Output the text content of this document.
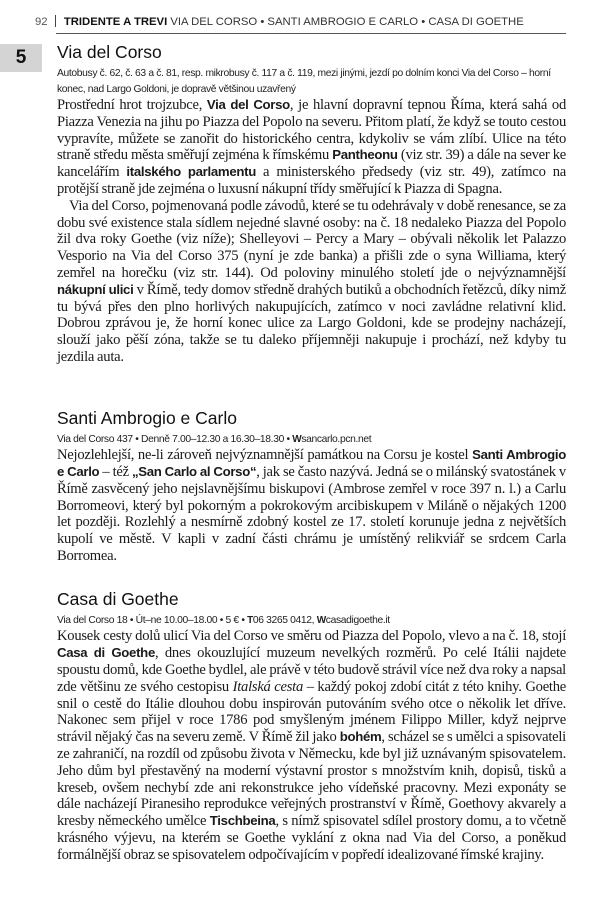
92 TRIDENTE A TREVI VIA DEL CORSO • SANTI AMBROGIO E CARLO • CASA DI GOETHE
5	Via del Corso
Autobusy č. 62, č. 63 a č. 81, resp. mikrobusy č. 117 a č. 119, mezi jinými, jezdí po dolním konci Via del Corso – horní konec, nad Largo Goldoni, je dopravě většinou uzavřený

Prostřední hrot trojzubce, Via del Corso, je hlavní dopravní tepnou Říma, která sahá od Piazza Venezia na jihu po Piazza del Popolo na severu. Přitom platí, že když se touto cestou vypravíte, můžete se zanořit do historického centra, kdykoliv se vám zlíbí. Ulice na této straně středu města směřují zejména k římskému Pantheonu (viz str. 39) a dále na sever ke kancelářím italského parlamentu a ministerského předsedy (viz str. 49), zatímco na protější straně jde zejména o luxusní nákupní třídy směřující k Piazza di Spagna.

Via del Corso, pojmenovaná podle závodů, které se tu odehrávaly v době renesance, se za dobu své existence stala sídlem nejedné slavné osoby: na č. 18 nedaleko Piazza del Popolo žil dva roky Goethe (viz níže); Shelleyovi – Percy a Mary – obývali několik let Palazzo Vesporio na Via del Corso 375 (nyní je zde banka) a přišli zde o syna Williama, který zemřel na horečku (viz str. 144). Od poloviny minulého století jde o nejvýznamnější nákupní ulici v Římě, tedy domov středně drahých butiků a obchodních řetězců, díky nimž tu bývá přes den plno horlivých nakupujících, zatímco v noci zavládne relativní klid. Dobrou zprávou je, že horní konec ulice za Largo Goldoni, kde se prodejny nacházejí, slouží jako pěší zóna, takže se tu daleko příjemněji nakupuje i prochází, než kdyby tu jezdila auta.

Santi Ambrogio e Carlo
Via del Corso 437 • Denně 7.00–12.30 a 16.30–18.30 • Wsancarlo.pcn.net

Nejozlehlejší, ne-li zároveň nejvýznamnější památkou na Corsu je kostel Santi Ambrogio e Carlo – též „San Carlo al Corso“, jak se často nazývá. Jedná se o milánský svatostánek v Římě zasvěcený jeho nejslavnějšímu biskupovi (Ambrose zemřel v roce 397 n. l.) a Carlu Borromeovi, který byl pokorným a pokrokovým arcibiskupem v Miláně o nějakých 1200 let později. Rozlehlý a nesmírně zdobný kostel ze 17. století korunuje jedna z největších kupolí ve městě. V kapli v zadní části chrámu je umístěný relikviář se srdcem Carla Borromea.

Casa di Goethe
Via del Corso 18 • Út–ne 10.00–18.00 • 5 € • T06 3265 0412, Wcasadigoethe.it

Kousek cesty dolů ulicí Via del Corso ve směru od Piazza del Popolo, vlevo a na č. 18, stojí Casa di Goethe, dnes okouzlující muzeum nevelkých rozměrů. Po celé Itálii najdete spoustu domů, kde Goethe bydlel, ale právě v této budově strávil více než dva roky a napsal zde většinu ze svého cestopisu Italská cesta – každý pokoj zdobí citát z této knihy. Goethe snil o cestě do Itálie dlouhou dobu inspirován putováním svého otce o několik let dříve. Nakonec sem přijel v roce 1786 pod smyšleným jménem Filippo Miller, když nejprve strávil nějaký čas na severu země. V Římě žil jako bohém, scházel se s umělci a spisovateli ze zahraničí, na rozdíl od způsobu života v Německu, kde byl již uznávaným spisovatelem. Jeho dům byl přestavěný na moderní výstavní prostor s množstvím knih, dopisů, tisků a kreseb, ovšem nechybí zde ani rekonstrukce jeho vídeňské pracovny. Mezi exponáty se dále nacházejí Piranesiho reprodukce veřejných prostranství v Římě, Goethovy akvarely a kresby německého umělce Tischbeina, s nímž spisovatel sdílel prostory domu, a to včetně krásného výjevu, na kterém se Goethe vyklání z okna nad Via del Corso, a poněkud formálnější obraz se spisovatelem odpočívajícím v popředí idealizované římské krajiny.
